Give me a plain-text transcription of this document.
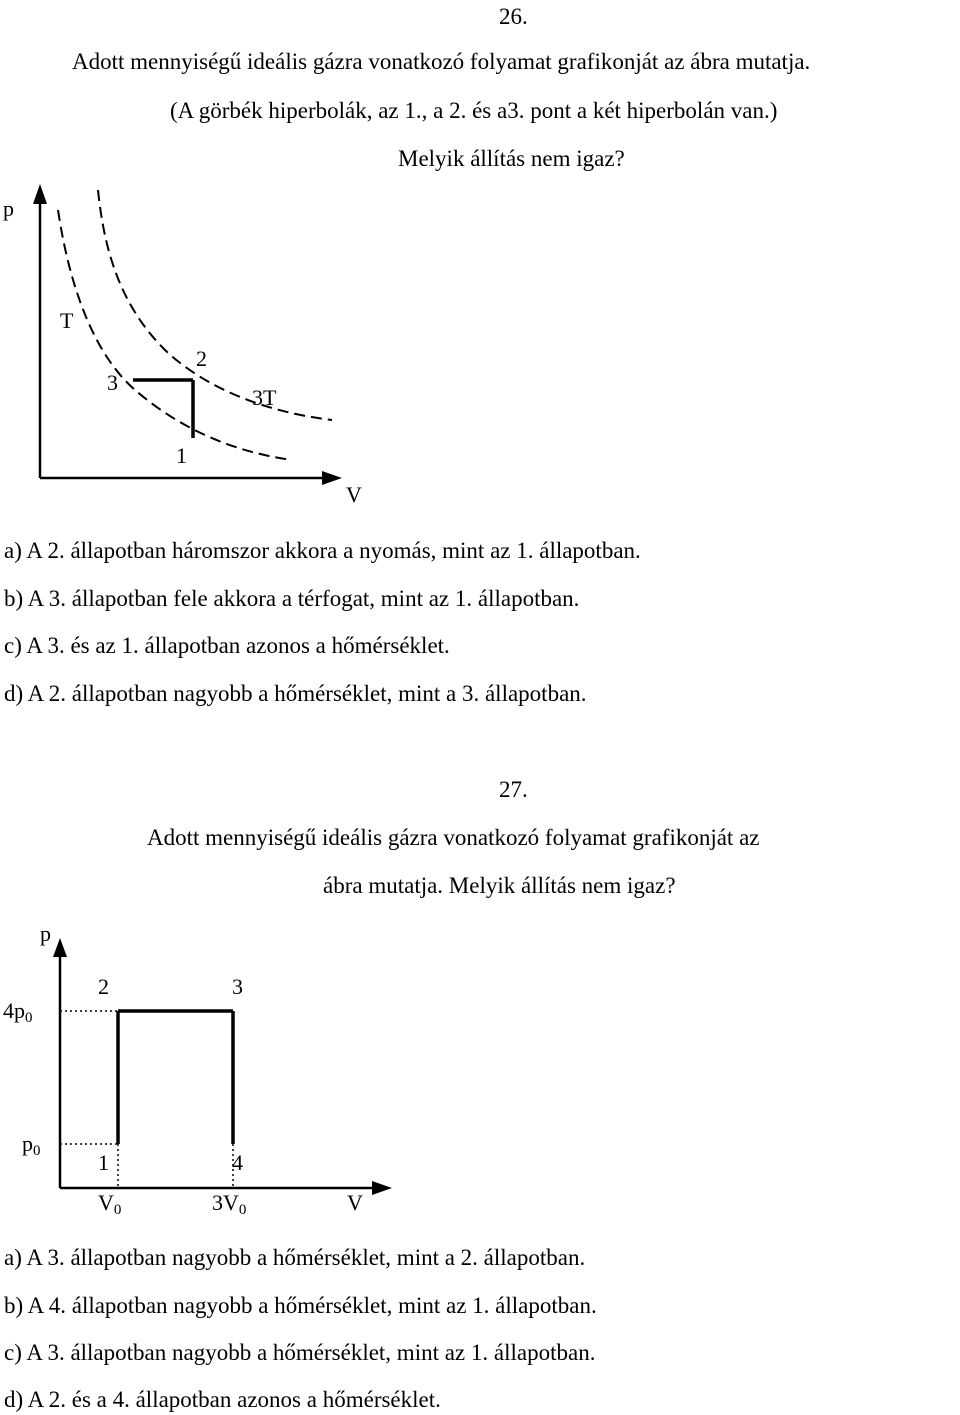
26.
Adott mennyiségű ideális gázra vonatkozó folyamat grafikonját az ábra mutatja.
(A görbék hiperbolák, az 1., a 2. és a3. pont a két hiperbolán van.)
Melyik állítás nem igaz?
p
V
T
3T
1
2
3
a) A 2. állapotban háromszor akkora a nyomás, mint az 1. állapotban.
b) A 3. állapotban fele akkora a térfogat, mint az 1. állapotban.
c) A 3. és az 1. állapotban azonos a hőmérséklet.
d) A 2. állapotban nagyobb a hőmérséklet, mint a 3. állapotban.
27.
Adott mennyiségű ideális gázra vonatkozó folyamat grafikonját az
ábra mutatja. Melyik állítás nem igaz?
p
V
4p0
p0
V0	3V0
1
2	3
4
a) A 3. állapotban nagyobb a hőmérséklet, mint a 2. állapotban.
b) A 4. állapotban nagyobb a hőmérséklet, mint az 1. állapotban.
c) A 3. állapotban nagyobb a hőmérséklet, mint az 1. állapotban.
d) A 2. és a 4. állapotban azonos a hőmérséklet.
